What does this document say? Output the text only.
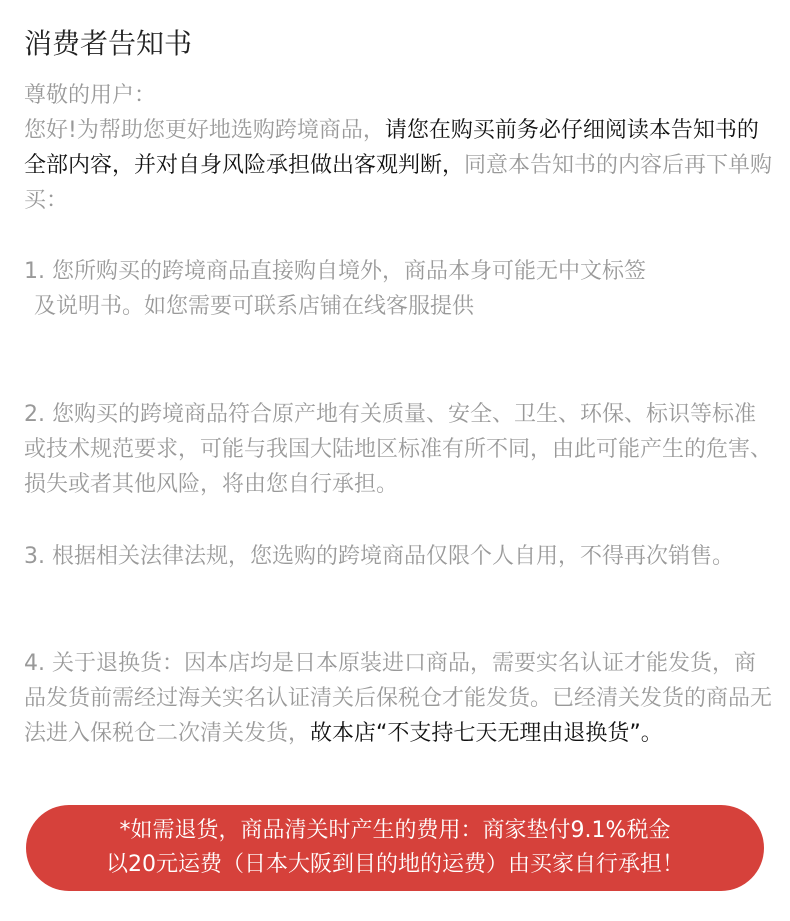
消费者告知书

尊敬的用户：

您好!为帮助您更好地选购跨境商品，请您在购买前务必仔细阅读本告知书的全部内容，并对自身风险承担做出客观判断，同意本告知书的内容后再下单购买：

1. 您所购买的跨境商品直接购自境外，商品本身可能无中文标签
及说明书。如您需要可联系店铺在线客服提供

2. 您购买的跨境商品符合原产地有关质量、安全、卫生、环保、标识等标准或技术规范要求，可能与我国大陆地区标准有所不同，由此可能产生的危害、损失或者其他风险，将由您自行承担。

3. 根据相关法律法规，您选购的跨境商品仅限个人自用，不得再次销售。

4. 关于退换货：因本店均是日本原装进口商品，需要实名认证才能发货，商品发货前需经过海关实名认证清关后保税仓才能发货。已经清关发货的商品无法进入保税仓二次清关发货，故本店“不支持七天无理由退换货”。

*如需退货，商品清关时产生的费用：商家垫付9.1%税金
以20元运费（日本大阪到目的地的运费）由买家自行承担！
